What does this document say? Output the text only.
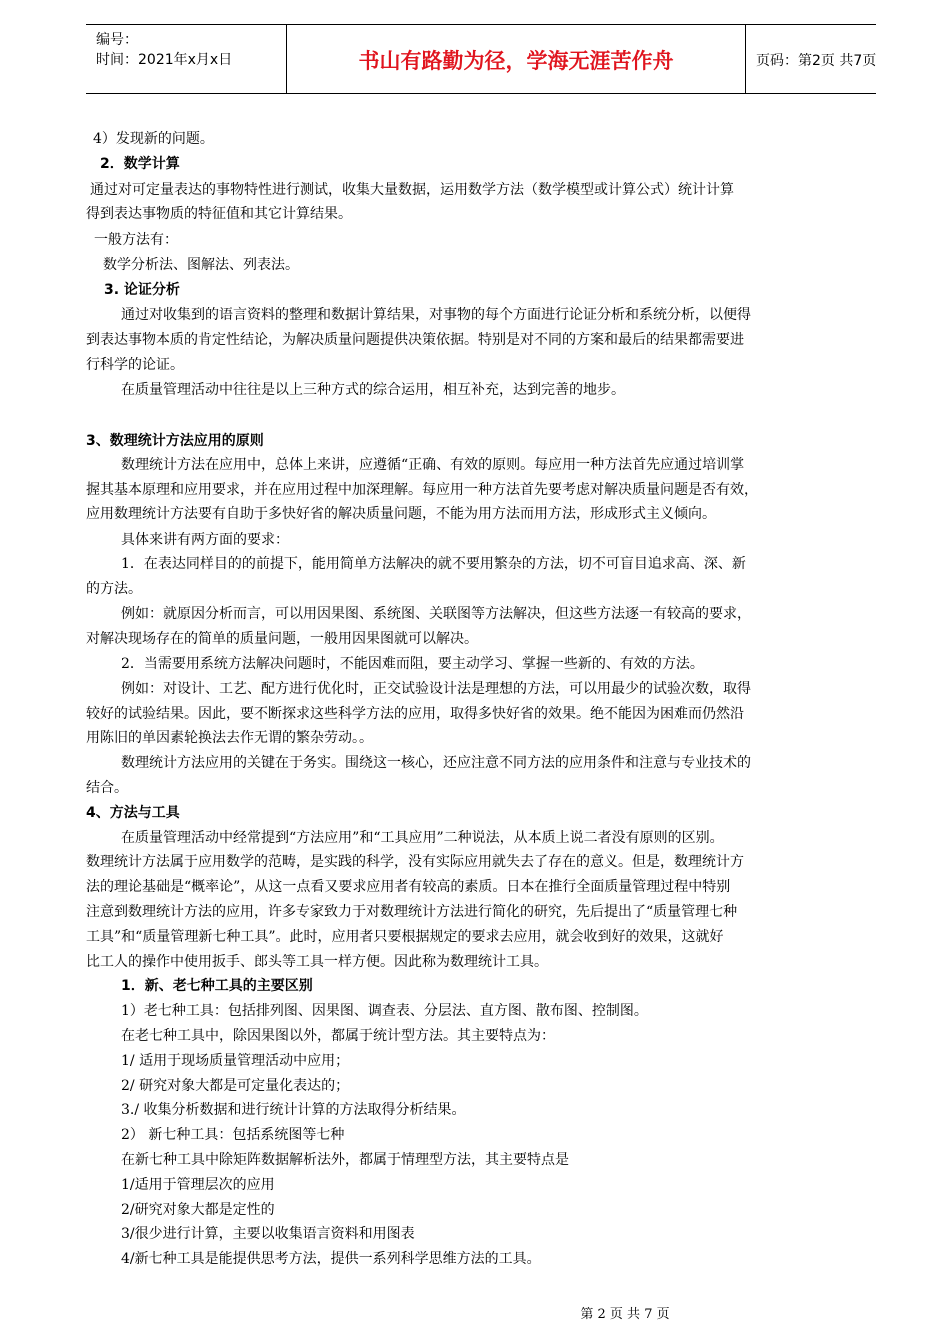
编号：
时间：2021年x月x日	书山有路勤为径，学海无涯苦作舟	页码：第2页 共7页
4）发现新的问题。
2．数学计算
通过对可定量表达的事物特性进行测试，收集大量数据，运用数学方法（数学模型或计算公式）统计计算
得到表达事物质的特征值和其它计算结果。
一般方法有：
数学分析法、图解法、列表法。
3. 论证分析
通过对收集到的语言资料的整理和数据计算结果，对事物的每个方面进行论证分析和系统分析，以便得
到表达事物本质的肯定性结论，为解决质量问题提供决策依据。特别是对不同的方案和最后的结果都需要进
行科学的论证。
在质量管理活动中往往是以上三种方式的综合运用，相互补充，达到完善的地步。
3、数理统计方法应用的原则
数理统计方法在应用中，总体上来讲，应遵循“正确、有效的原则。每应用一种方法首先应通过培训掌
握其基本原理和应用要求，并在应用过程中加深理解。每应用一种方法首先要考虑对解决质量问题是否有效，
应用数理统计方法要有自助于多快好省的解决质量问题，不能为用方法而用方法，形成形式主义倾向。
具体来讲有两方面的要求：
1．在表达同样目的的前提下，能用简单方法解决的就不要用繁杂的方法，切不可盲目追求高、深、新
的方法。
例如：就原因分析而言，可以用因果图、系统图、关联图等方法解决，但这些方法逐一有较高的要求，
对解决现场存在的简单的质量问题，一般用因果图就可以解决。
2．当需要用系统方法解决问题时，不能因难而阻，要主动学习、掌握一些新的、有效的方法。
例如：对设计、工艺、配方进行优化时，正交试验设计法是理想的方法，可以用最少的试验次数，取得
较好的试验结果。因此，要不断探求这些科学方法的应用，取得多快好省的效果。绝不能因为困难而仍然沿
用陈旧的单因素轮换法去作无谓的繁杂劳动。。
数理统计方法应用的关键在于务实。围绕这一核心，还应注意不同方法的应用条件和注意与专业技术的
结合。
4、方法与工具
在质量管理活动中经常提到“方法应用”和“工具应用”二种说法，从本质上说二者没有原则的区别。
数理统计方法属于应用数学的范畴，是实践的科学，没有实际应用就失去了存在的意义。但是，数理统计方
法的理论基础是“概率论”，从这一点看又要求应用者有较高的素质。日本在推行全面质量管理过程中特别
注意到数理统计方法的应用，许多专家致力于对数理统计方法进行简化的研究，先后提出了“质量管理七种
工具”和“质量管理新七种工具”。此时，应用者只要根据规定的要求去应用，就会收到好的效果，这就好
比工人的操作中使用扳手、郎头等工具一样方便。因此称为数理统计工具。
1．新、老七种工具的主要区别
1）老七种工具：包括排列图、因果图、调查表、分层法、直方图、散布图、控制图。
在老七种工具中，除因果图以外，都属于统计型方法。其主要特点为：
1/ 适用于现场质量管理活动中应用；
2/ 研究对象大都是可定量化表达的；
3./ 收集分析数据和进行统计计算的方法取得分析结果。
2） 新七种工具：包括系统图等七种
在新七种工具中除矩阵数据解析法外，都属于情理型方法，其主要特点是
1/适用于管理层次的应用
2/研究对象大都是定性的
3/很少进行计算，主要以收集语言资料和用图表
4/新七种工具是能提供思考方法，提供一系列科学思维方法的工具。
第 2 页 共 7 页
